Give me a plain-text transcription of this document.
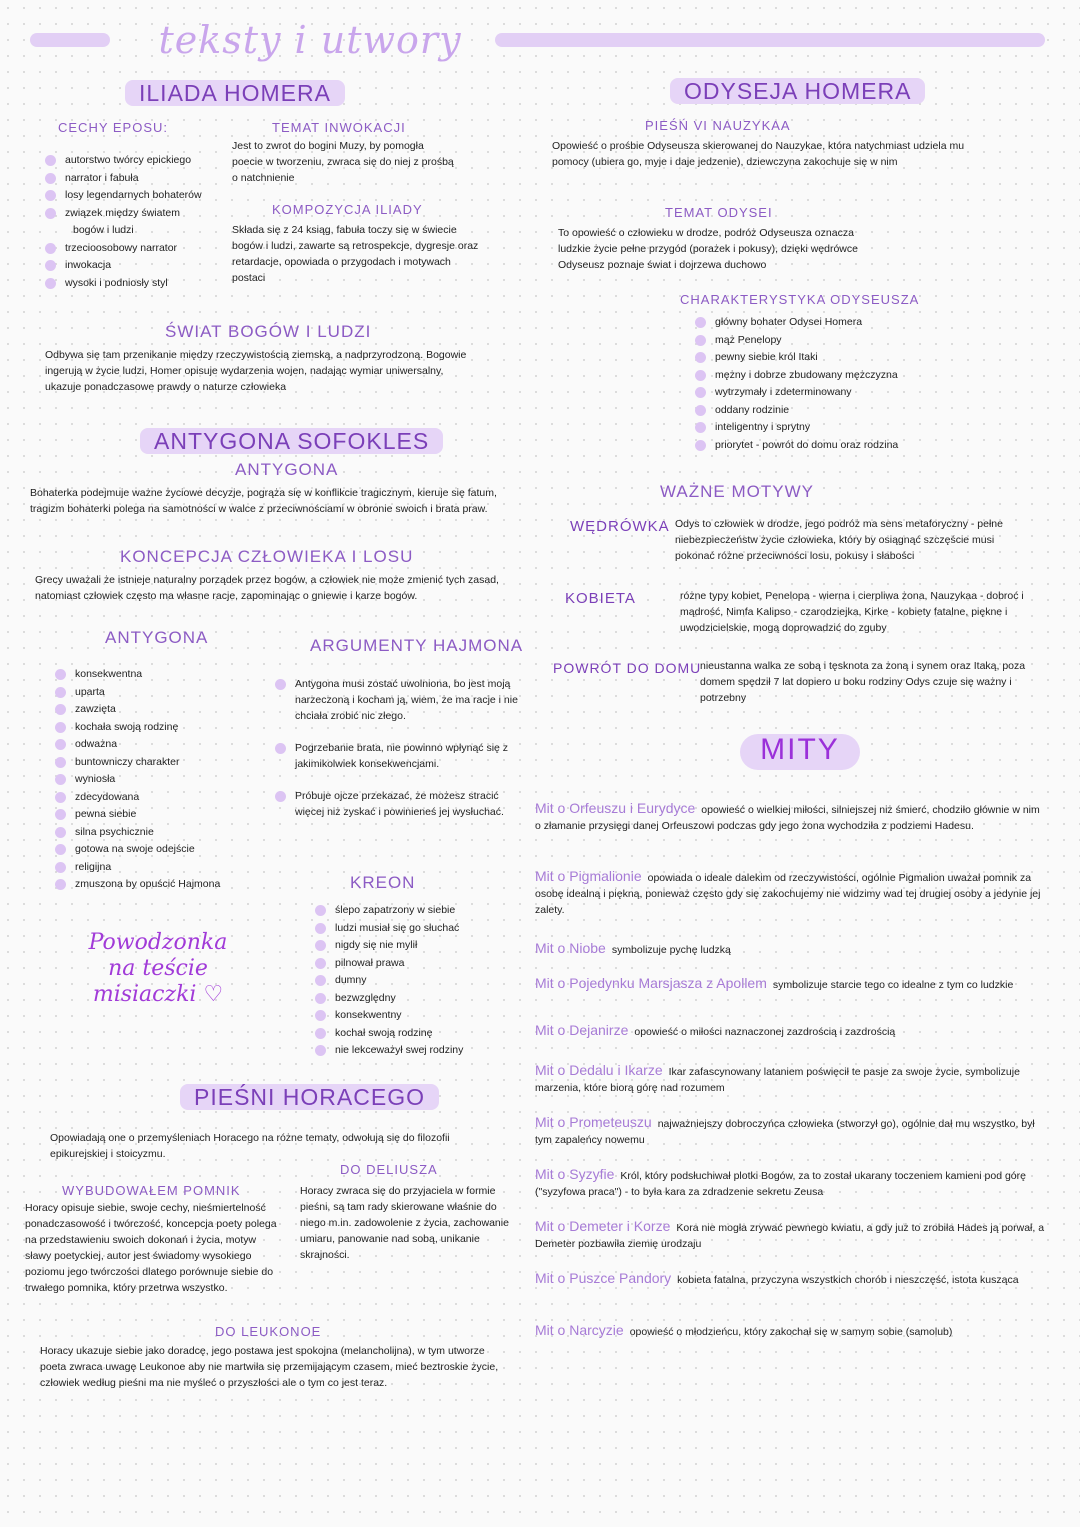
teksty i utwory
ILIADA HOMERA
CECHY EPOSU:
autorstwo twórcy epickiego
narrator i fabuła
losy legendarnych bohaterów
związek między światem
bogów i ludzi
trzecioosobowy narrator
inwokacja
wysoki i podniosły styl
TEMAT INWOKACJI
Jest to zwrot do bogini Muzy, by pomogła poecie w tworzeniu, zwraca się do niej z prośbą o natchnienie
KOMPOZYCJA ILIADY
Składa się z 24 ksiąg, fabuła toczy się w świecie bogów i ludzi, zawarte są retrospekcje, dygresje oraz retardacje, opowiada o przygodach i motywach postaci
ŚWIAT BOGÓW I LUDZI
Odbywa się tam przenikanie między rzeczywistością ziemską, a nadprzyrodzoną. Bogowie ingerują w życie ludzi, Homer opisuje wydarzenia wojen, nadając wymiar uniwersalny, ukazuje ponadczasowe prawdy o naturze człowieka
ANTYGONA SOFOKLES
ANTYGONA
Bohaterka podejmuje ważne życiowe decyzje, pogrąża się w konflikcie tragicznym, kieruje się fatum, tragizm bohaterki polega na samotności w walce z przeciwnościami w obronie swoich i brata praw.
KONCEPCJA CZŁOWIEKA I LOSU
Grecy uważali że istnieje naturalny porządek przez bogów, a człowiek nie może zmienić tych zasad, natomiast człowiek często ma własne racje, zapominając o gniewie i karze bogów.
ANTYGONA
konsekwentna
uparta
zawzięta
kochała swoją rodzinę
odważna
buntowniczy charakter
wyniosła
zdecydowana
pewna siebie
silna psychicznie
gotowa na swoje odejście
religijna
zmuszona by opuścić Hajmona
ARGUMENTY HAJMONA
Antygona musi zostać uwolniona, bo jest moją narzeczoną i kocham ją, wiem, że ma racje i nie chciała zrobić nic złego.
Pogrzebanie brata, nie powinno wpłynąć się z jakimikolwiek konsekwencjami.
Próbuje ojcze przekazać, że możesz stracić więcej niż zyskać i powinieneś jej wysłuchać.
KREON
ślepo zapatrzony w siebie
ludzi musiał się go słuchać
nigdy się nie mylił
pilnował prawa
dumny
bezwzględny
konsekwentny
kochał swoją rodzinę
nie lekceważył swej rodziny
Powodzonka na teście misiaczki ♡
PIEŚNI HORACEGO
Opowiadają one o przemyśleniach Horacego na różne tematy, odwołują się do filozofii epikurejskiej i stoicyzmu.
WYBUDOWAŁEM POMNIK
Horacy opisuje siebie, swoje cechy, nieśmiertelność ponadczasowość i twórczość, koncepcja poety polega na przedstawieniu swoich dokonań i życia, motyw sławy poetyckiej, autor jest świadomy wysokiego poziomu jego twórczości dlatego porównuje siebie do trwałego pomnika, który przetrwa wszystko.
DO DELIUSZA
Horacy zwraca się do przyjaciela w formie pieśni, są tam rady skierowane właśnie do niego m.in. zadowolenie z życia, zachowanie umiaru, panowanie nad sobą, unikanie skrajności.
DO LEUKONOE
Horacy ukazuje siebie jako doradcę, jego postawa jest spokojna (melancholijna), w tym utworze poeta zwraca uwagę Leukonoe aby nie martwiła się przemijającym czasem, mieć beztroskie życie, człowiek według pieśni ma nie myśleć o przyszłości ale o tym co jest teraz.
ODYSEJA HOMERA
PIEŚŃ VI NAUZYKAA
Opowieść o prośbie Odyseusza skierowanej do Nauzykae, która natychmiast udziela mu pomocy (ubiera go, myje i daje jedzenie), dziewczyna zakochuje się w nim
TEMAT ODYSEI
To opowieść o człowieku w drodze, podróż Odyseusza oznacza ludzkie życie pełne przygód (porażek i pokusy), dzięki wędrówce Odyseusz poznaje świat i dojrzewa duchowo
CHARAKTERYSTYKA ODYSEUSZA
główny bohater Odysei Homera
mąż Penelopy
pewny siebie król Itaki
mężny i dobrze zbudowany mężczyzna
wytrzymały i zdeterminowany
oddany rodzinie
inteligentny i sprytny
priorytet - powrót do domu oraz rodzina
WAŻNE MOTYWY
WĘDRÓWKA Odys to człowiek w drodze, jego podróż ma sens metaforyczny - pełne niebezpieczeństw życie człowieka, który by osiągnąć szczęście musi pokonać różne przeciwności losu, pokusy i słabości
KOBIETA	różne typy kobiet, Penelopa - wierna i cierpliwa żona, Nauzykaa - dobroć i mądrość, Nimfa Kalipso - czarodziejka, Kirke - kobiety fatalne, piękne i uwodzicielskie, mogą doprowadzić do zguby
POWRÓT DO DOMU
nieustanna walka ze sobą i tęsknota za żoną i synem oraz Itaką, poza domem spędził 7 lat dopiero u boku rodziny Odys czuje się ważny i potrzebny
MITY
Mit o Orfeuszu i Eurydyce opowieść o wielkiej miłości, silniejszej niż śmierć, chodziło głównie w nim o złamanie przysięgi danej Orfeuszowi podczas gdy jego żona wychodziła z podziemi Hadesu.
Mit o Pigmalionie opowiada o ideale dalekim od rzeczywistości, ogólnie Pigmalion uważał pomnik za osobę idealną i piękną, ponieważ często gdy się zakochujemy nie widzimy wad tej drugiej osoby a jedynie jej zalety.
Mit o Niobe symbolizuje pychę ludzką
Mit o Pojedynku Marsjasza z Apollem symbolizuje starcie tego co idealne z tym co ludzkie
Mit o Dejanirze opowieść o miłości naznaczonej zazdrością i zazdrością
Mit o Dedalu i Ikarze Ikar zafascynowany lataniem poświęcił te pasje za swoje życie, symbolizuje marzenia, które biorą górę nad rozumem
Mit o Prometeuszu najważniejszy dobroczyńca człowieka (stworzył go), ogólnie dał mu wszystko, był tym zapaleńcy nowemu
Mit o Syzyfie Król, który podsłuchiwał plotki Bogów, za to został ukarany toczeniem kamieni pod górę ("syzyfowa praca") - to była kara za zdradzenie sekretu Zeusa
Mit o Demeter i Korze Kora nie mogła zrywać pewnego kwiatu, a gdy już to zrobiła Hades ją porwał, a Demeter pozbawiła ziemię urodzaju
Mit o Puszce Pandory kobieta fatalna, przyczyna wszystkich chorób i nieszczęść, istota kusząca
Mit o Narcyzie opowieść o młodzieńcu, który zakochał się w samym sobie (samolub)
